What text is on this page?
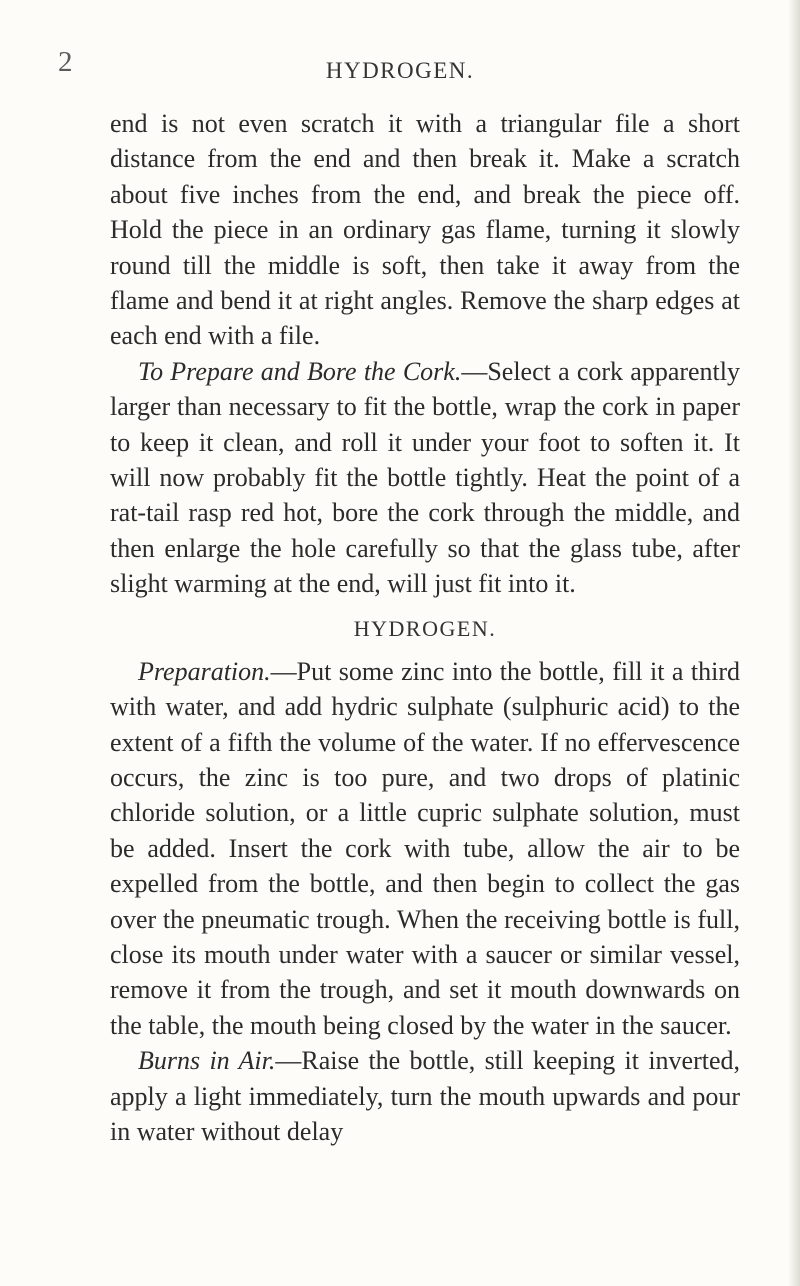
2	HYDROGEN.

end is not even scratch it with a triangular file a short distance from the end and then break it. Make a scratch about five inches from the end, and break the piece off. Hold the piece in an ordinary gas flame, turning it slowly round till the middle is soft, then take it away from the flame and bend it at right angles. Remove the sharp edges at each end with a file.

To Prepare and Bore the Cork.—Select a cork apparently larger than necessary to fit the bottle, wrap the cork in paper to keep it clean, and roll it under your foot to soften it. It will now probably fit the bottle tightly. Heat the point of a rat-tail rasp red hot, bore the cork through the middle, and then enlarge the hole carefully so that the glass tube, after slight warming at the end, will just fit into it.

HYDROGEN.

Preparation.—Put some zinc into the bottle, fill it a third with water, and add hydric sulphate (sulphuric acid) to the extent of a fifth the volume of the water. If no effervescence occurs, the zinc is too pure, and two drops of platinic chloride solution, or a little cupric sulphate solution, must be added. Insert the cork with tube, allow the air to be expelled from the bottle, and then begin to collect the gas over the pneumatic trough. When the receiving bottle is full, close its mouth under water with a saucer or similar vessel, remove it from the trough, and set it mouth downwards on the table, the mouth being closed by the water in the saucer.

Burns in Air.—Raise the bottle, still keeping it inverted, apply a light immediately, turn the mouth upwards and pour in water without delay
